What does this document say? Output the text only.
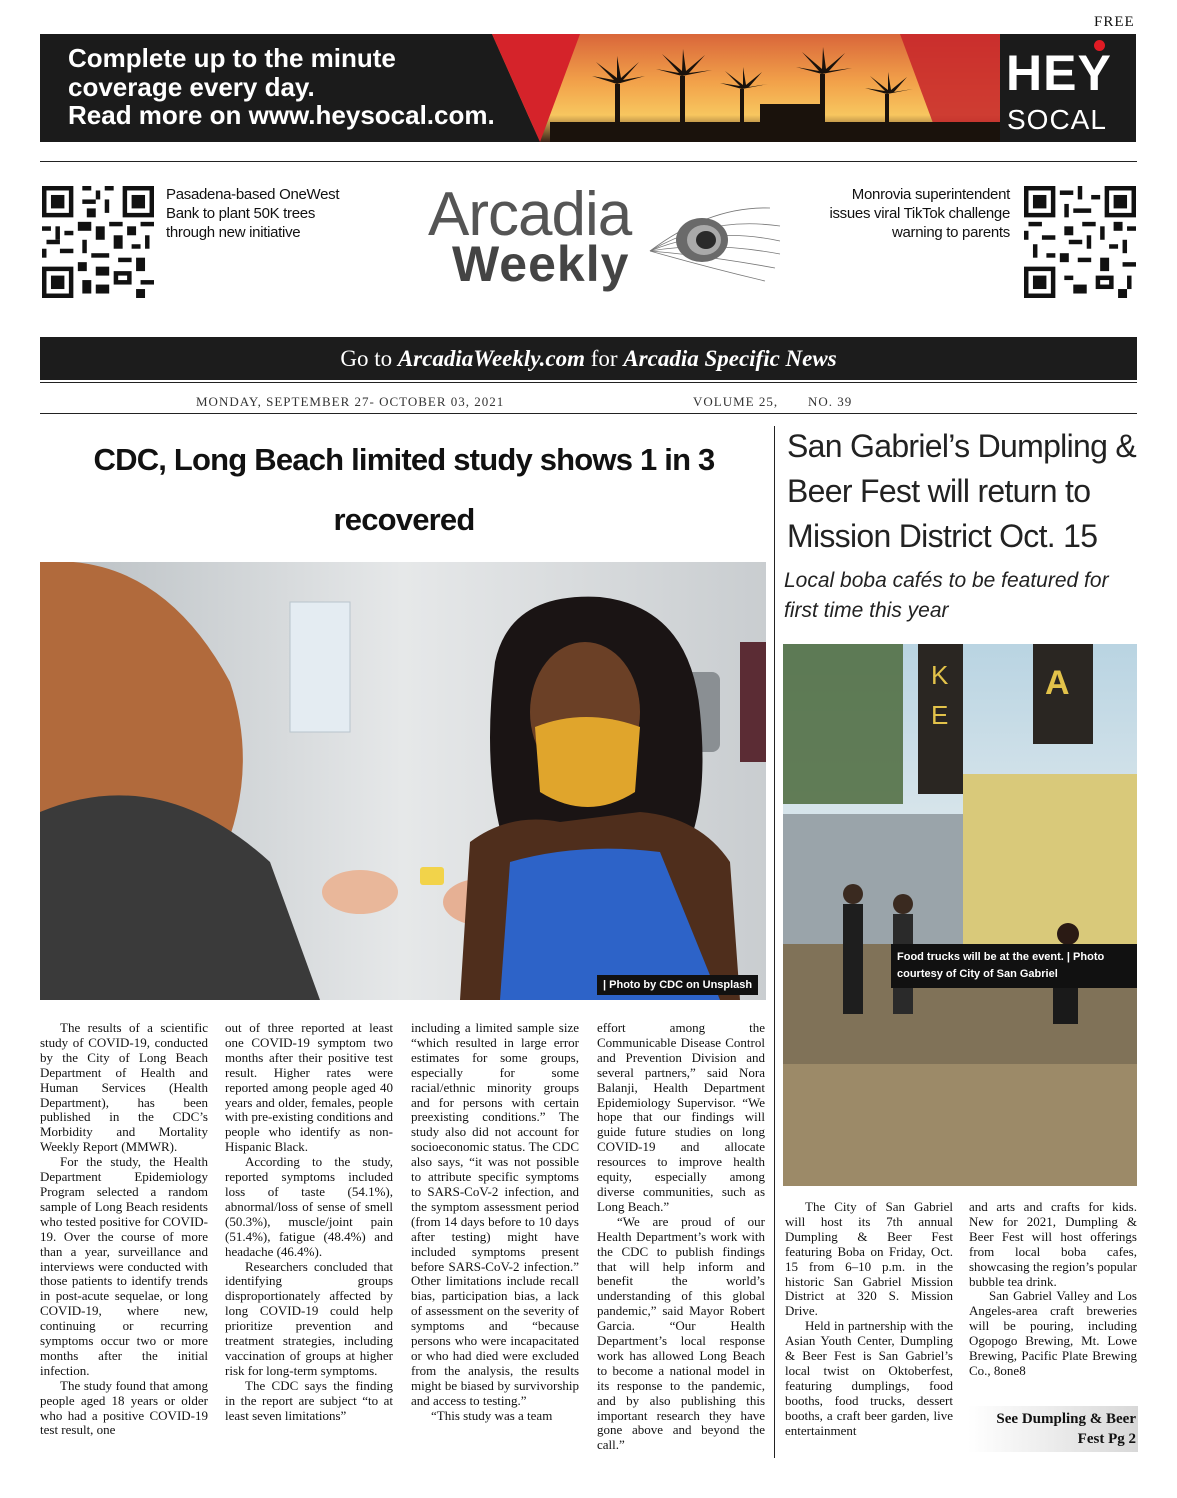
FREE
Complete up to the minute
coverage every day.
Read more on www.heysocal.com.
HEY
SOCAL
Pasadena-based OneWest
Bank to plant 50K trees
through new initiative	Arcadia
Weekly
Monrovia superintendent
issues viral TikTok challenge
warning to parents
Go to ArcadiaWeekly.com for Arcadia Specific News
MONDAY, SEPTEMBER 27- OCTOBER 03, 2021	VOLUME 25, NO. 39
CDC, Long Beach limited study shows 1 in 3 recovered
San Gabriel’s Dumpling & Beer Fest will return to Mission District Oct. 15
Local boba cafés to be featured for first time this year
| Photo by CDC on Unsplash
K
E
A
Food trucks will be at the event. | Photo courtesy of City of San Gabriel

The results of a scientific study of COVID-19, conducted by the City of Long Beach Department of Health and Human Services (Health Department), has been published in the CDC’s Morbidity and Mortality Weekly Report (MMWR).

For the study, the Health Department Epidemiology Program selected a random sample of Long Beach residents who tested positive for COVID-19. Over the course of more than a year, surveillance and interviews were conducted with those patients to identify trends in post-acute sequelae, or long COVID-19, where new, continuing or recurring symptoms occur two or more months after the initial infection.

The study found that among people aged 18 years or older who had a positive COVID-19 test result, one

out of three reported at least one COVID-19 symptom two months after their positive test result. Higher rates were reported among people aged 40 years and older, females, people with pre-existing conditions and people who identify as non-Hispanic Black.

According to the study, reported symptoms included loss of taste (54.1%), abnormal/loss of sense of smell (50.3%), muscle/joint pain (51.4%), fatigue (48.4%) and headache (46.4%).

Researchers concluded that identifying groups disproportionately affected by long COVID-19 could help prioritize prevention and treatment strategies, including vaccination of groups at higher risk for long-term symptoms.

The CDC says the finding in the report are subject “to at least seven limitations”

including a limited sample size “which resulted in large error estimates for some groups, especially for some racial/ethnic minority groups and for persons with certain preexisting conditions.” The study also did not account for socioeconomic status. The CDC also says, “it was not possible to attribute specific symptoms to SARS-CoV-2 infection, and the symptom assessment period (from 14 days before to 10 days after testing) might have included symptoms present before SARS-CoV-2 infection.” Other limitations include recall bias, participation bias, a lack of assessment on the severity of symptoms and “because persons who were incapacitated or who had died were excluded from the analysis, the results might be biased by survivorship and access to testing.”

“This study was a team

effort among the Communicable Disease Control and Prevention Division and several partners,” said Nora Balanji, Health Department Epidemiology Supervisor. “We hope that our findings will guide future studies on long COVID-19 and allocate resources to improve health equity, especially among diverse communities, such as Long Beach.”

“We are proud of our Health Department’s work with the CDC to publish findings that will help inform and benefit the world’s understanding of this global pandemic,” said Mayor Robert Garcia. “Our Health Department’s local response work has allowed Long Beach to become a national model in its response to the pandemic, and by also publishing this important research they have gone above and beyond the call.”

The City of San Gabriel will host its 7th annual Dumpling & Beer Fest featuring Boba on Friday, Oct. 15 from 6–10 p.m. in the historic San Gabriel Mission District at 320 S. Mission Drive.

Held in partnership with the Asian Youth Center, Dumpling & Beer Fest is San Gabriel’s local twist on Oktoberfest, featuring dumplings, food booths, food trucks, dessert booths, a craft beer garden, live entertainment

and arts and crafts for kids. New for 2021, Dumpling & Beer Fest will host offerings from local boba cafes, showcasing the region’s popular bubble tea drink.

San Gabriel Valley and Los Angeles-area craft breweries will be pouring, including Ogopogo Brewing, Mt. Lowe Brewing, Pacific Plate Brewing Co., 8one8

See Dumpling & Beer Fest Pg 2
